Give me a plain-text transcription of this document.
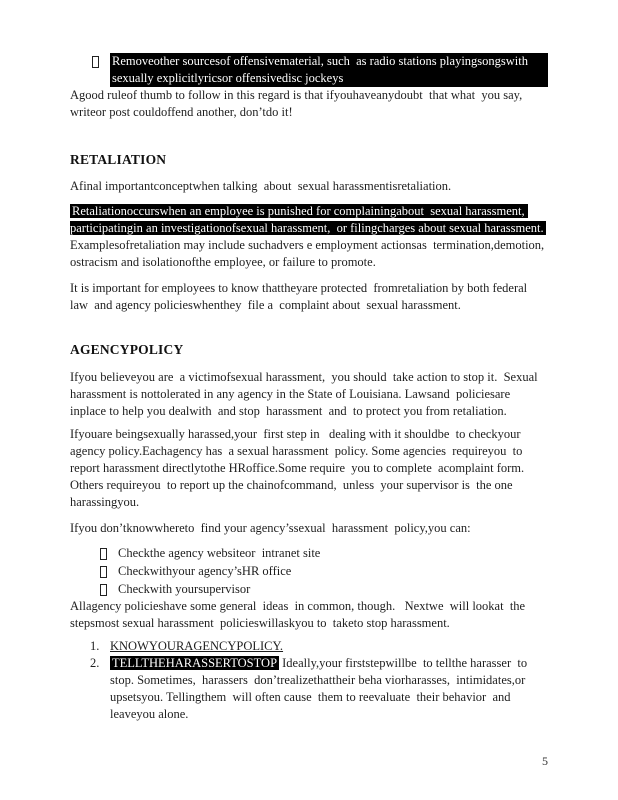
Removeother sourcesof offensivematerial, such  as radio stations playingsongswith sexually explicitlyricsor offensivedisc jockeys

Agood ruleof thumb to follow in this regard is that ifyouhaveanydoubt  that what  you say, writeor post couldoffend another, don’tdo it!

RETALIATION

Afinal importantconceptwhen talking  about  sexual harassmentisretaliation.

Retaliationoccurswhen an employee is punished for complainingabout  sexual harassment, participatingin an investigationofsexual harassment,  or filingcharges about sexual harassment. Examplesofretaliation may include suchadvers e employment actionsas  termination,demotion, ostracism and isolationofthe employee, or failure to promote.

It is important for employees to know thattheyare protected  fromretaliation by both federal law  and agency policieswhenthey  file a  complaint about  sexual harassment.

AGENCYPOLICY

Ifyou believeyou are  a victimofsexual harassment,  you should  take action to stop it.  Sexual harassment is nottolerated in any agency in the State of Louisiana. Lawsand  policiesare  inplace to help you dealwith  and stop  harassment  and  to protect you from retaliation.

Ifyouare beingsexually harassed,your  first step in   dealing with it shouldbe  to checkyour agency policy.Eachagency has  a sexual harassment  policy. Some agencies  requireyou  to report harassment directlytothe HRoffice.Some require  you to complete  acomplaint form.  Others requireyou  to report up the chainofcommand,  unless  your supervisor is  the one  harassingyou.

Ifyou don’tknowwhereto  find your agency’ssexual  harassment  policy,you can:

Checkthe agency websiteor  intranet site
Checkwithyour agency’sHR office
Checkwith yoursupervisor

Allagency policieshave some general  ideas  in common, though.   Nextwe  will lookat  the stepsmost sexual harassment  policieswillaskyou to  taketo stop harassment.

1. KNOWYOURAGENCYPOLICY.
2.	TELLTHEHARASSERTOSTOP Ideally,your firststepwillbe  to tellthe harasser  to stop. Sometimes,  harassers  don’trealizethattheir beha viorharasses,  intimidates,or upsetsyou. Tellingthem  will often cause  them to reevaluate  their behavior  and  leaveyou alone.
5
